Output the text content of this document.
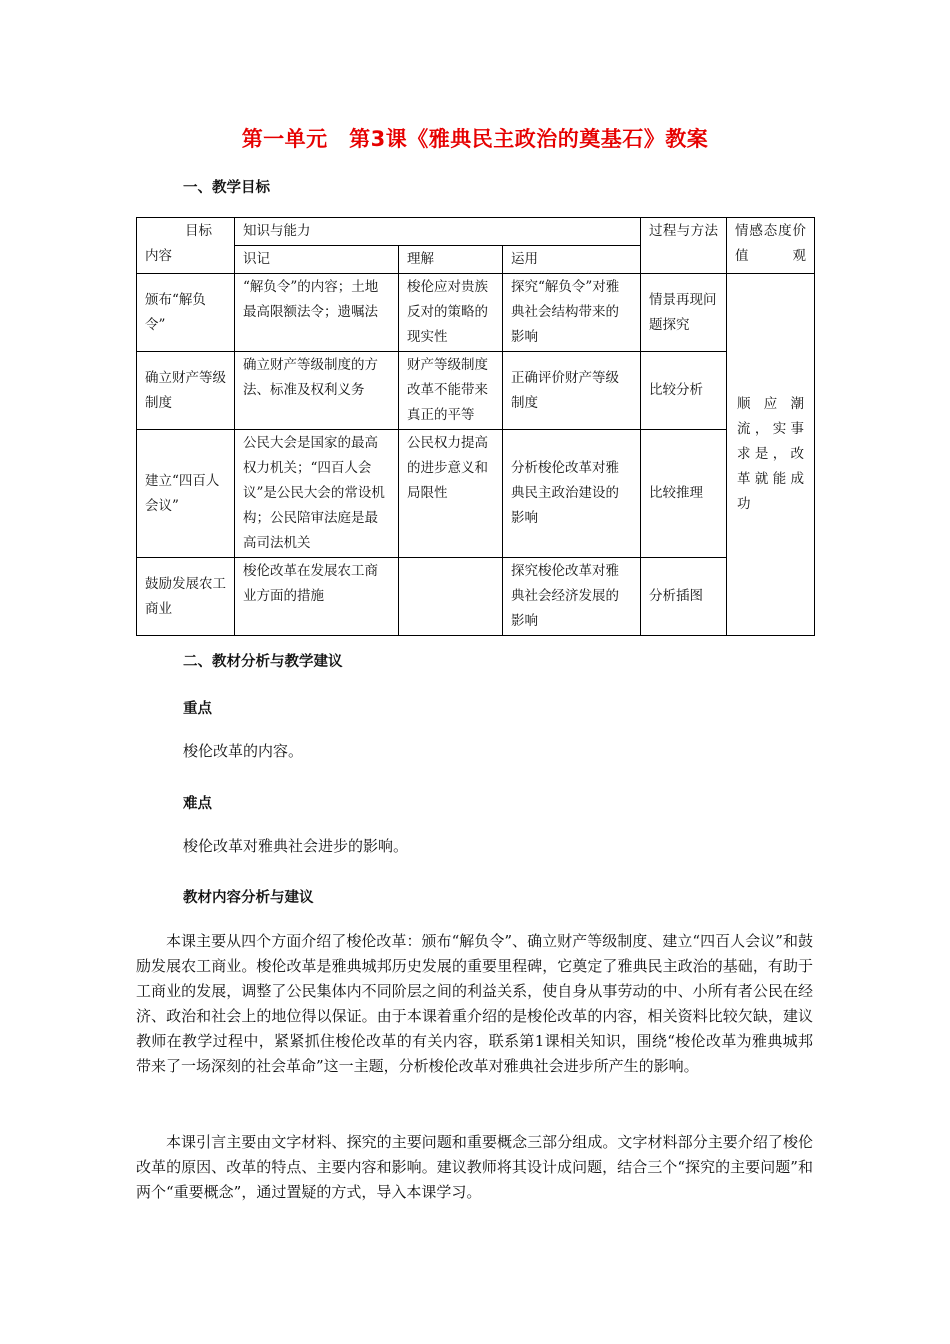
第一单元　第3课《雅典民主政治的奠基石》教案
一、教学目标
目标
内容	知识与能力			过程与方法	情感态度价值观
	识记	理解	运用		
颁布“解负令”	“解负令”的内容；土地最高限额法令；遗嘱法	梭伦应对贵族反对的策略的现实性	探究“解负令”对雅典社会结构带来的影响	情景再现问题探究	顺应潮流，实事求是，改革就能成功
确立财产等级制度	确立财产等级制度的方法、标准及权利义务	财产等级制度改革不能带来真正的平等	正确评价财产等级制度	比较分析	
建立“四百人会议”	公民大会是国家的最高权力机关；“四百人会议”是公民大会的常设机构；公民陪审法庭是最高司法机关	公民权力提高的进步意义和局限性	分析梭伦改革对雅典民主政治建设的影响	比较推理	
鼓励发展农工商业	梭伦改革在发展农工商业方面的措施		探究梭伦改革对雅典社会经济发展的影响	分析插图	
二、教材分析与教学建议
重点
梭伦改革的内容。
难点
梭伦改革对雅典社会进步的影响。
教材内容分析与建议
本课主要从四个方面介绍了梭伦改革：颁布“解负令”、确立财产等级制度、建立“四百人会议”和鼓励发展农工商业。梭伦改革是雅典城邦历史发展的重要里程碑，它奠定了雅典民主政治的基础，有助于工商业的发展，调整了公民集体内不同阶层之间的利益关系，使自身从事劳动的中、小所有者公民在经济、政治和社会上的地位得以保证。由于本课着重介绍的是梭伦改革的内容，相关资料比较欠缺，建议教师在教学过程中，紧紧抓住梭伦改革的有关内容，联系第1课相关知识，围绕“梭伦改革为雅典城邦带来了一场深刻的社会革命”这一主题，分析梭伦改革对雅典社会进步所产生的影响。
本课引言主要由文字材料、探究的主要问题和重要概念三部分组成。文字材料部分主要介绍了梭伦改革的原因、改革的特点、主要内容和影响。建议教师将其设计成问题，结合三个“探究的主要问题”和两个“重要概念”，通过置疑的方式，导入本课学习。
